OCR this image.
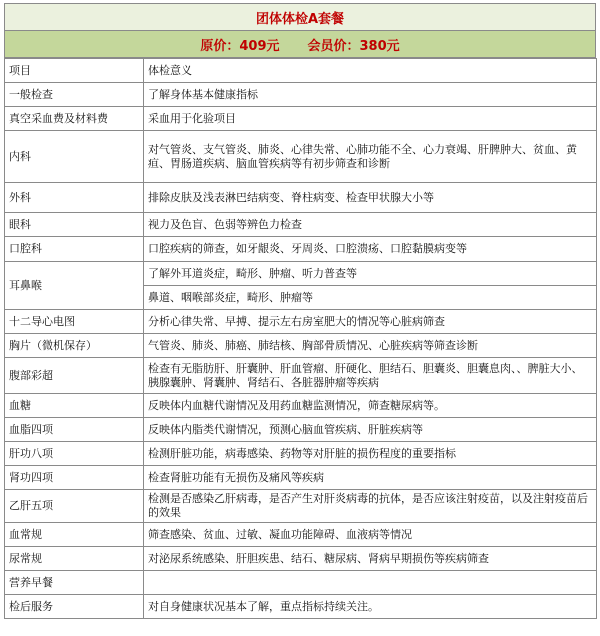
团体体检A套餐
原价：409元 会员价：380元
项目	体检意义
一般检查	了解身体基本健康指标
真空采血费及材料费	采血用于化验项目
内科	对气管炎、支气管炎、肺炎、心律失常、心肺功能不全、心力衰竭、肝脾肿大、贫血、黄疸、胃肠道疾病、脑血管疾病等有初步筛查和诊断
外科	排除皮肤及浅表淋巴结病变、脊柱病变、检查甲状腺大小等
眼科	视力及色盲、色弱等辨色力检查
口腔科	口腔疾病的筛查，如牙龈炎、牙周炎、口腔溃疡、口腔黏膜病变等
耳鼻喉	了解外耳道炎症，畸形、肿瘤、听力普查等
	鼻道、咽喉部炎症，畸形、肿瘤等
十二导心电图	分析心律失常、早搏、提示左右房室肥大的情况等心脏病筛查
胸片（微机保存）	气管炎、肺炎、肺癌、肺结核、胸部骨质情况、心脏疾病等筛查诊断
腹部彩超	检查有无脂肪肝、肝囊肿、肝血管瘤、肝硬化、胆结石、胆囊炎、胆囊息肉、、脾脏大小、胰腺囊肿、肾囊肿、肾结石、各脏器肿瘤等疾病
血糖	反映体内血糖代谢情况及用药血糖监测情况，筛查糖尿病等。
血脂四项	反映体内脂类代谢情况，预测心脑血管疾病、肝脏疾病等
肝功八项	检测肝脏功能，病毒感染、药物等对肝脏的损伤程度的重要指标
肾功四项	检查肾脏功能有无损伤及痛风等疾病
乙肝五项	检测是否感染乙肝病毒，是否产生对肝炎病毒的抗体，是否应该注射疫苗，以及注射疫苗后的效果
血常规	筛查感染、贫血、过敏、凝血功能障碍、血液病等情况
尿常规	对泌尿系统感染、肝胆疾患、结石、糖尿病、肾病早期损伤等疾病筛查
营养早餐	
检后服务	对自身健康状况基本了解，重点指标持续关注。
